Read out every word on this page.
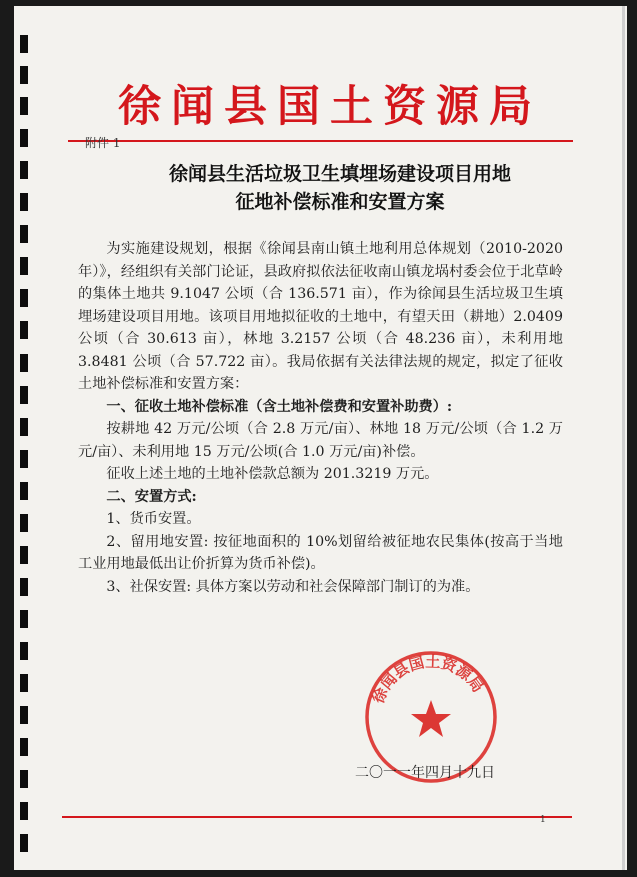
徐闻县国土资源局
附件 1
徐闻县生活垃圾卫生填埋场建设项目用地
征地补偿标准和安置方案

为实施建设规划，根据《徐闻县南山镇土地利用总体规划（2010-2020 年）》，经组织有关部门论证，县政府拟依法征收南山镇龙埚村委会位于北草岭的集体土地共 9.1047 公顷（合 136.571 亩），作为徐闻县生活垃圾卫生填埋场建设项目用地。该项目用地拟征收的土地中，有望天田（耕地）2.0409 公顷（合 30.613 亩），林地 3.2157 公顷（合 48.236 亩），未利用地 3.8481 公顷（合 57.722 亩）。我局依据有关法律法规的规定，拟定了征收土地补偿标准和安置方案：

一、征收土地补偿标准（含土地补偿费和安置补助费）:

按耕地 42 万元/公顷（合 2.8 万元/亩）、林地 18 万元/公顷（合 1.2 万元/亩）、未利用地 15 万元/公顷(合 1.0 万元/亩)补偿。

征收上述土地的土地补偿款总额为 201.3219 万元。

二、安置方式:

1、货币安置。

2、留用地安置: 按征地面积的 10%划留给被征地农民集体(按高于当地工业用地最低出让价折算为货币补偿)。

3、社保安置: 具体方案以劳动和社会保障部门制订的为准。

徐闻县国土资源局
二〇一一年四月十九日
1
